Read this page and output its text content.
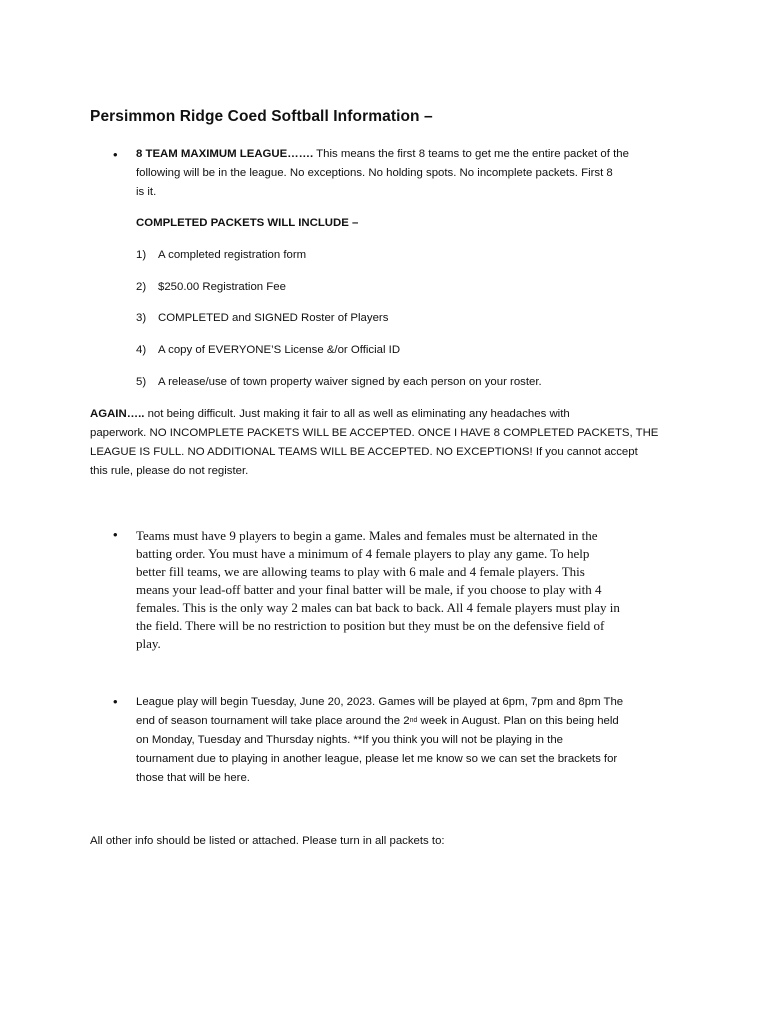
Persimmon Ridge Coed Softball Information –
• 8 TEAM MAXIMUM LEAGUE……. This means the first 8 teams to get me the entire packet of the
following will be in the league. No exceptions. No holding spots. No incomplete packets. First 8
is it.
COMPLETED PACKETS WILL INCLUDE –
1) A completed registration form
2) $250.00 Registration Fee
3) COMPLETED and SIGNED Roster of Players
4) A copy of EVERYONE’S License &/or Official ID
5) A release/use of town property waiver signed by each person on your roster.
AGAIN….. not being difficult. Just making it fair to all as well as eliminating any headaches with
paperwork. NO INCOMPLETE PACKETS WILL BE ACCEPTED. ONCE I HAVE 8 COMPLETED PACKETS, THE
LEAGUE IS FULL. NO ADDITIONAL TEAMS WILL BE ACCEPTED. NO EXCEPTIONS! If you cannot accept
this rule, please do not register.
• Teams must have 9 players to begin a game. Males and females must be alternated in the
batting order. You must have a minimum of 4 female players to play any game. To help
better fill teams, we are allowing teams to play with 6 male and 4 female players. This
means your lead-off batter and your final batter will be male, if you choose to play with 4
females. This is the only way 2 males can bat back to back. All 4 female players must play in
the field. There will be no restriction to position but they must be on the defensive field of
play.
• League play will begin Tuesday, June 20, 2023. Games will be played at 6pm, 7pm and 8pm The
end of season tournament will take place around the 2nd week in August. Plan on this being held
on Monday, Tuesday and Thursday nights. **If you think you will not be playing in the
tournament due to playing in another league, please let me know so we can set the brackets for
those that will be here.
All other info should be listed or attached. Please turn in all packets to:
